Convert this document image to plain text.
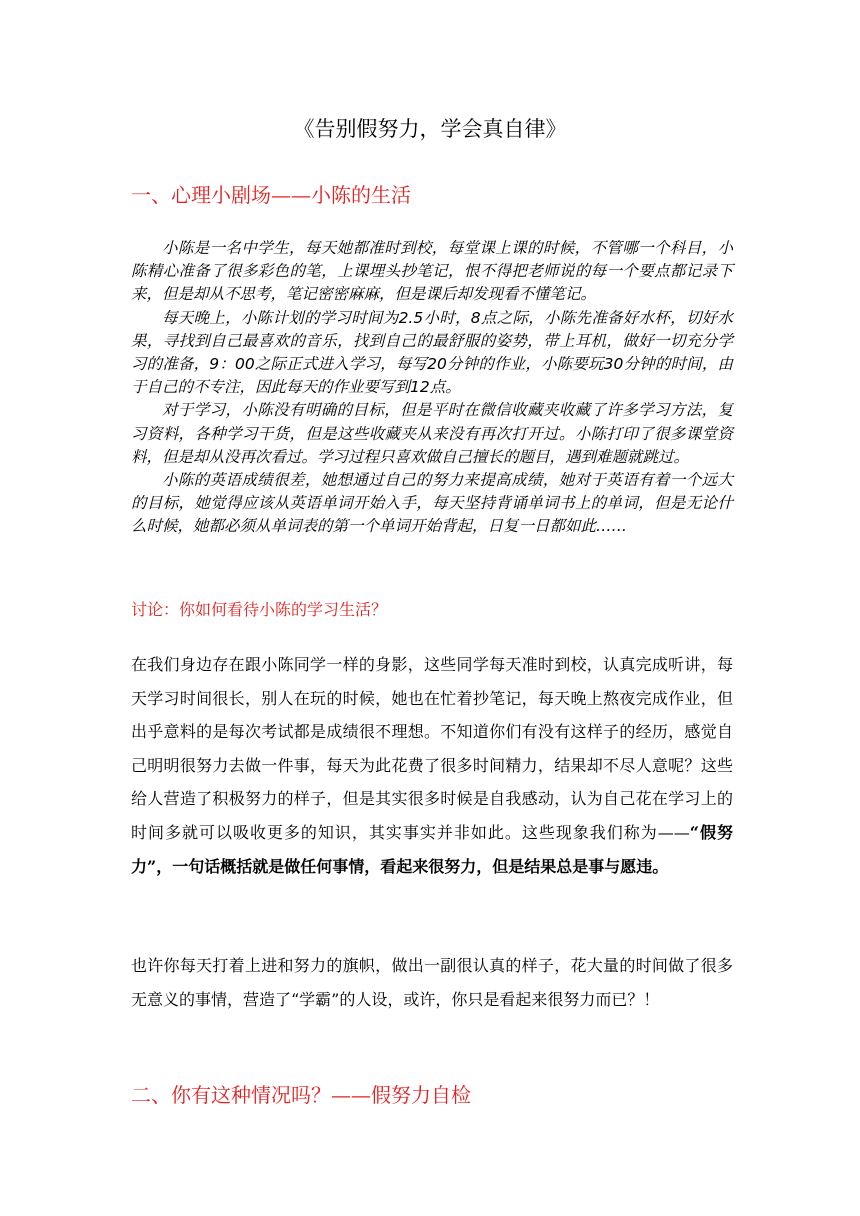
《告别假努力，学会真自律》
一、心理小剧场——小陈的生活

小陈是一名中学生，每天她都准时到校，每堂课上课的时候，不管哪一个科目，小陈精心准备了很多彩色的笔，上课埋头抄笔记，恨不得把老师说的每一个要点都记录下来，但是却从不思考，笔记密密麻麻，但是课后却发现看不懂笔记。

每天晚上，小陈计划的学习时间为2.5小时，8点之际，小陈先准备好水杯，切好水果，寻找到自己最喜欢的音乐，找到自己的最舒服的姿势，带上耳机，做好一切充分学习的准备，9：00之际正式进入学习，每写20分钟的作业，小陈要玩30分钟的时间，由于自己的不专注，因此每天的作业要写到12点。

对于学习，小陈没有明确的目标，但是平时在微信收藏夹收藏了许多学习方法，复习资料，各种学习干货，但是这些收藏夹从来没有再次打开过。小陈打印了很多课堂资料，但是却从没再次看过。学习过程只喜欢做自己擅长的题目，遇到难题就跳过。

小陈的英语成绩很差，她想通过自己的努力来提高成绩，她对于英语有着一个远大的目标，她觉得应该从英语单词开始入手，每天坚持背诵单词书上的单词，但是无论什么时候，她都必须从单词表的第一个单词开始背起，日复一日都如此……

讨论：你如何看待小陈的学习生活？
在我们身边存在跟小陈同学一样的身影，这些同学每天准时到校，认真完成听讲，每天学习时间很长，别人在玩的时候，她也在忙着抄笔记，每天晚上熬夜完成作业，但出乎意料的是每次考试都是成绩很不理想。不知道你们有没有这样子的经历，感觉自己明明很努力去做一件事，每天为此花费了很多时间精力，结果却不尽人意呢？这些给人营造了积极努力的样子，但是其实很多时候是自我感动，认为自己花在学习上的时间多就可以吸收更多的知识，其实事实并非如此。这些现象我们称为——“假努力”，一句话概括就是做任何事情，看起来很努力，但是结果总是事与愿违。
也许你每天打着上进和努力的旗帜，做出一副很认真的样子，花大量的时间做了很多无意义的事情，营造了“学霸”的人设，或许，你只是看起来很努力而已？！
二、你有这种情况吗？——假努力自检
